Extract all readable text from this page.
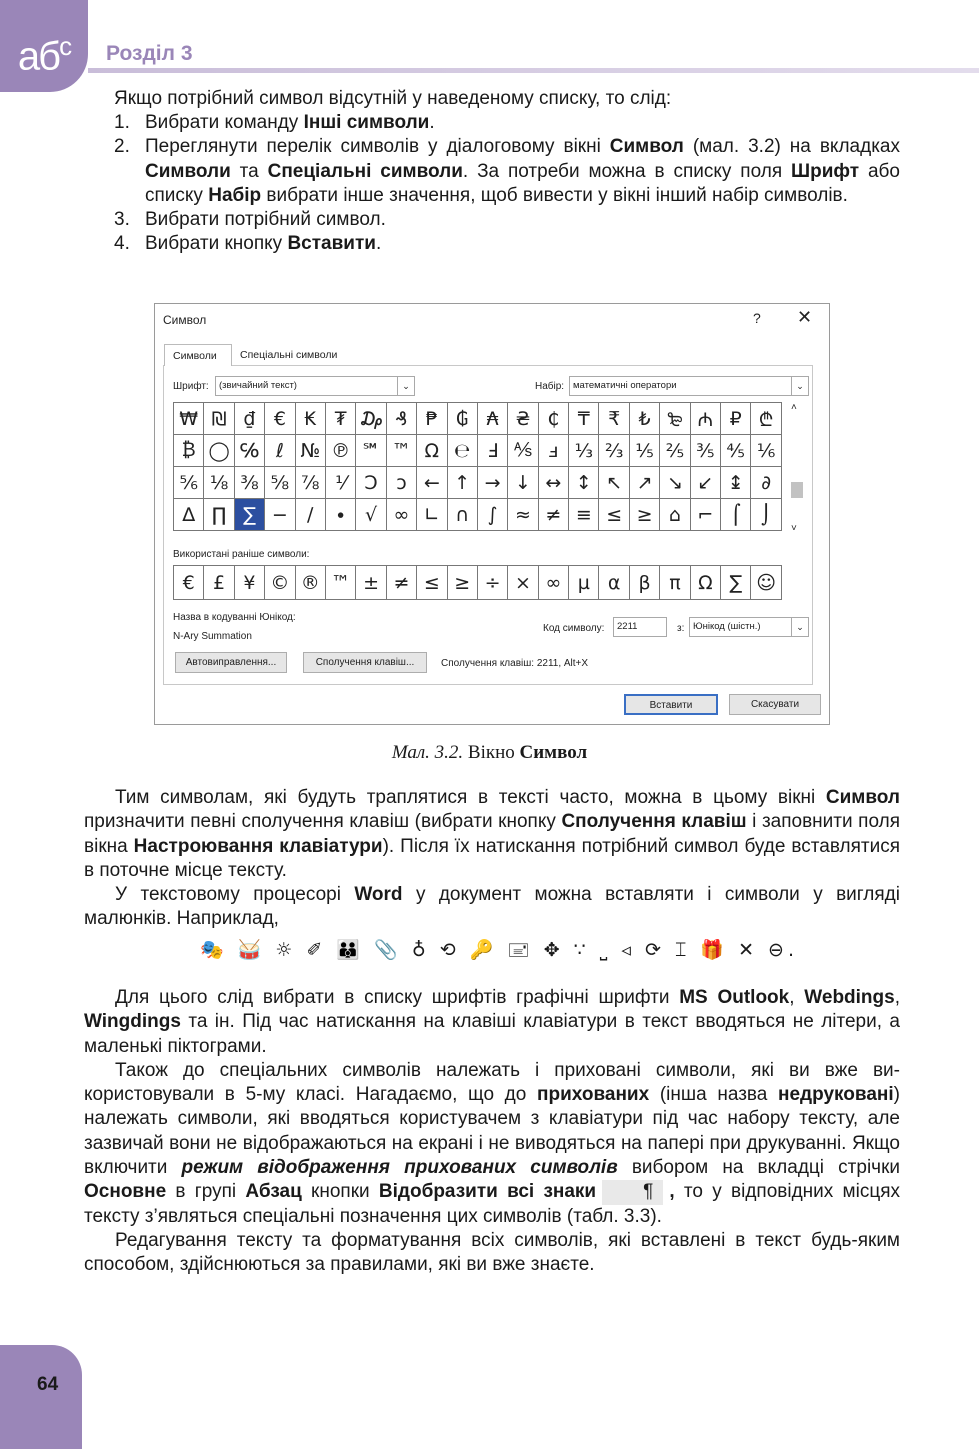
$аб^с$	Розділ 3
Якщо потрібний символ відсутній у наведеному списку, то слід:
1. Вибрати команду Інші символи.
2. Переглянути перелік символів у діалоговому вікні Символ (мал. 3.2) на вкладках Символи та Спеціальні символи. За потреби можна в списку поля Шрифт або списку Набір вибрати інше значення, щоб вивести у вікні інший набір символів.
3. Вибрати потрібний символ.
4. Вибрати кнопку Вставити.
Символ	? ✕
Символи	Спеціальні символи
Шрифт:	(звичайний текст)	⌄	Набір: математичні оператори	⌄
₩	₪	₫	€	₭	₮	₯	₰	₱	₲	₳	₴	₵	₸	₹	₺	₻	₼	₽	₾
₿	◯	℅	ℓ	№	℗	℠	™	Ω	℮	Ⅎ	⅍	ⅎ	⅓	⅔	⅕	⅖	⅗	⅘	⅙
⅚	⅛	⅜	⅝	⅞	⅟	Ↄ	ↄ	←	↑	→	↓	↔	↕	↖	↗	↘	↙	↨	∂
∆	∏	∑	−	∕	∙	√	∞	∟	∩	∫	≈	≠	≡	≤	≥	⌂	⌐	⌠	⌡
˄
˅
Використані раніше символи:
€	£	¥	©	®	™	±	≠	≤	≥	÷	×	∞	µ	α	β	π	Ω	∑	☺
Назва в кодуванні Юнікод:
N-Ary Summation
Код символу:	2211	з: Юнікод (шістн.)	⌄
Автовиправлення...	Сполучення клавіш...	Сполучення клавіш: 2211, Alt+X
Вставити	Скасувати
Мал. 3.2. Вікно Символ

Тим символам, які будуть траплятися в тексті часто, можна в цьому вікні Символ призначити певні сполучення клавіш (вибрати кнопку Сполучення клавіш і заповнити поля вікна Настроювання клавіатури). Після їх натискання потрібний символ буде вставлятися в поточне місце тексту.

У текстовому процесорі Word у документ можна вставляти і символи у вигляді малюнків. Наприклад,

🎭 🥁 ☼ ✐ 👪 📎 ♁ ⟲ 🔑 🖃 ✥ ∵ ⎵ ◃ ⟳ ⌶ 🎁 ✕ ⊖.

Для цього слід вибрати в списку шрифтів графічні шрифти MS Outlook, Webdings, Wingdings та ін. Під час натискання на клавіші клавіатури в текст вводяться не літери, а маленькі піктограми.

Також до спеціальних символів належать і приховані символи, які ви вже використовували в 5-му класі. Нагадаємо, що до прихованих (інша назва недруковані) належать символи, які вводяться користувачем з клавіатури під час набору тексту, але зазвичай вони не відображаються на екрані і не виводяться на папері при друкуванні. Якщо включити режим відображення прихованих символів вибором на вкладці стрічки Основне в групі Абзац кнопки Відобразити всі знаки ¶ , то у відповідних місцях тексту з’являться спеціальні позначення цих символів (табл. 3.3).

Редагування тексту та форматування всіх символів, які вставлені в текст будь-яким способом, здійснюються за правилами, які ви вже знаєте.

64
